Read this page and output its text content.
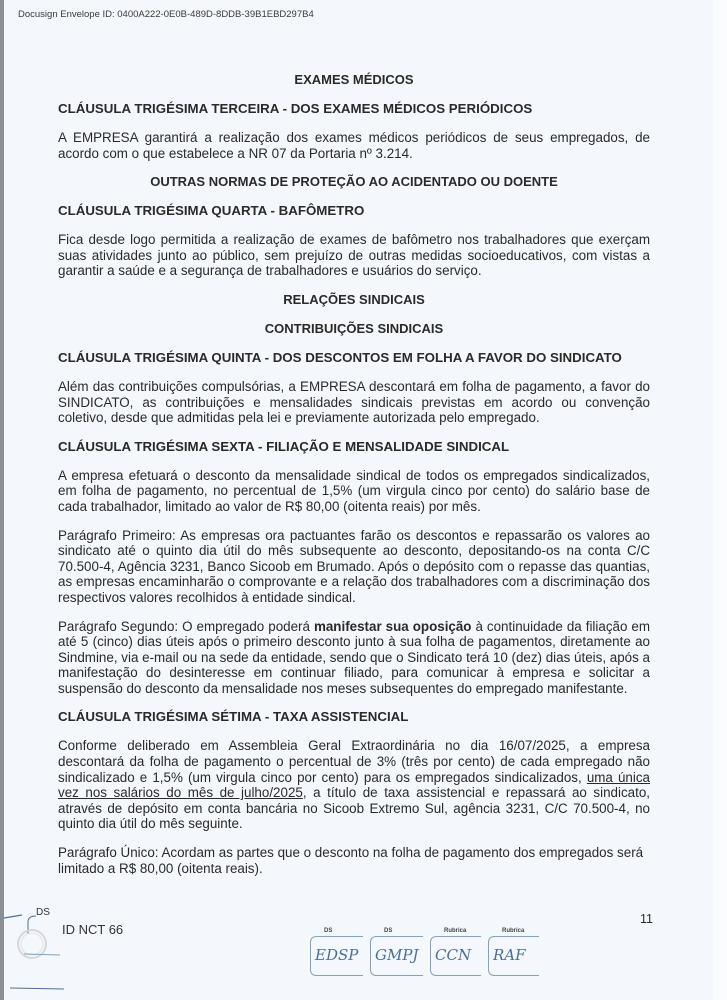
Docusign Envelope ID: 0400A222-0E0B-489D-8DDB-39B1EBD297B4
EXAMES MÉDICOS
CLÁUSULA TRIGÉSIMA TERCEIRA - DOS EXAMES MÉDICOS PERIÓDICOS

A EMPRESA garantirá a realização dos exames médicos periódicos de seus empregados, de acordo com o que estabelece a NR 07 da Portaria nº 3.214.

OUTRAS NORMAS DE PROTEÇÃO AO ACIDENTADO OU DOENTE
CLÁUSULA TRIGÉSIMA QUARTA - BAFÔMETRO

Fica desde logo permitida a realização de exames de bafômetro nos trabalhadores que exerçam suas atividades junto ao público, sem prejuízo de outras medidas socioeducativos, com vistas a garantir a saúde e a segurança de trabalhadores e usuários do serviço.

RELAÇÕES SINDICAIS
CONTRIBUIÇÕES SINDICAIS
CLÁUSULA TRIGÉSIMA QUINTA - DOS DESCONTOS EM FOLHA A FAVOR DO SINDICATO

Além das contribuições compulsórias, a EMPRESA descontará em folha de pagamento, a favor do SINDICATO, as contribuições e mensalidades sindicais previstas em acordo ou convenção coletivo, desde que admitidas pela lei e previamente autorizada pelo empregado.

CLÁUSULA TRIGÉSIMA SEXTA - FILIAÇÃO E MENSALIDADE SINDICAL

A empresa efetuará o desconto da mensalidade sindical de todos os empregados sindicalizados, em folha de pagamento, no percentual de 1,5% (um virgula cinco por cento) do salário base de cada trabalhador, limitado ao valor de R$ 80,00 (oitenta reais) por mês.

Parágrafo Primeiro: As empresas ora pactuantes farão os descontos e repassarão os valores ao sindicato até o quinto dia útil do mês subsequente ao desconto, depositando-os na conta C/C 70.500-4, Agência 3231, Banco Sicoob em Brumado. Após o depósito com o repasse das quantias, as empresas encaminharão o comprovante e a relação dos trabalhadores com a discriminação dos respectivos valores recolhidos à entidade sindical.

Parágrafo Segundo: O empregado poderá manifestar sua oposição à continuidade da filiação em até 5 (cinco) dias úteis após o primeiro desconto junto à sua folha de pagamentos, diretamente ao Sindmine, via e-mail ou na sede da entidade, sendo que o Sindicato terá 10 (dez) dias úteis, após a manifestação do desinteresse em continuar filiado, para comunicar à empresa e solicitar a suspensão do desconto da mensalidade nos meses subsequentes do empregado manifestante.

CLÁUSULA TRIGÉSIMA SÉTIMA - TAXA ASSISTENCIAL

Conforme deliberado em Assembleia Geral Extraordinária no dia 16/07/2025, a empresa descontará da folha de pagamento o percentual de 3% (três por cento) de cada empregado não sindicalizado e 1,5% (um virgula cinco por cento) para os empregados sindicalizados, uma única vez nos salários do mês de julho/2025, a título de taxa assistencial e repassará ao sindicato, através de depósito em conta bancária no Sicoob Extremo Sul, agência 3231, C/C 70.500-4, no quinto dia útil do mês seguinte.

Parágrafo Único: Acordam as partes que o desconto na folha de pagamento dos empregados será limitado a R$ 80,00 (oitenta reais).

11
DS
ID NCT 66	DS
EDSP
DS
GMPJ
Rubrica
CCN
Rubrica
RAF
